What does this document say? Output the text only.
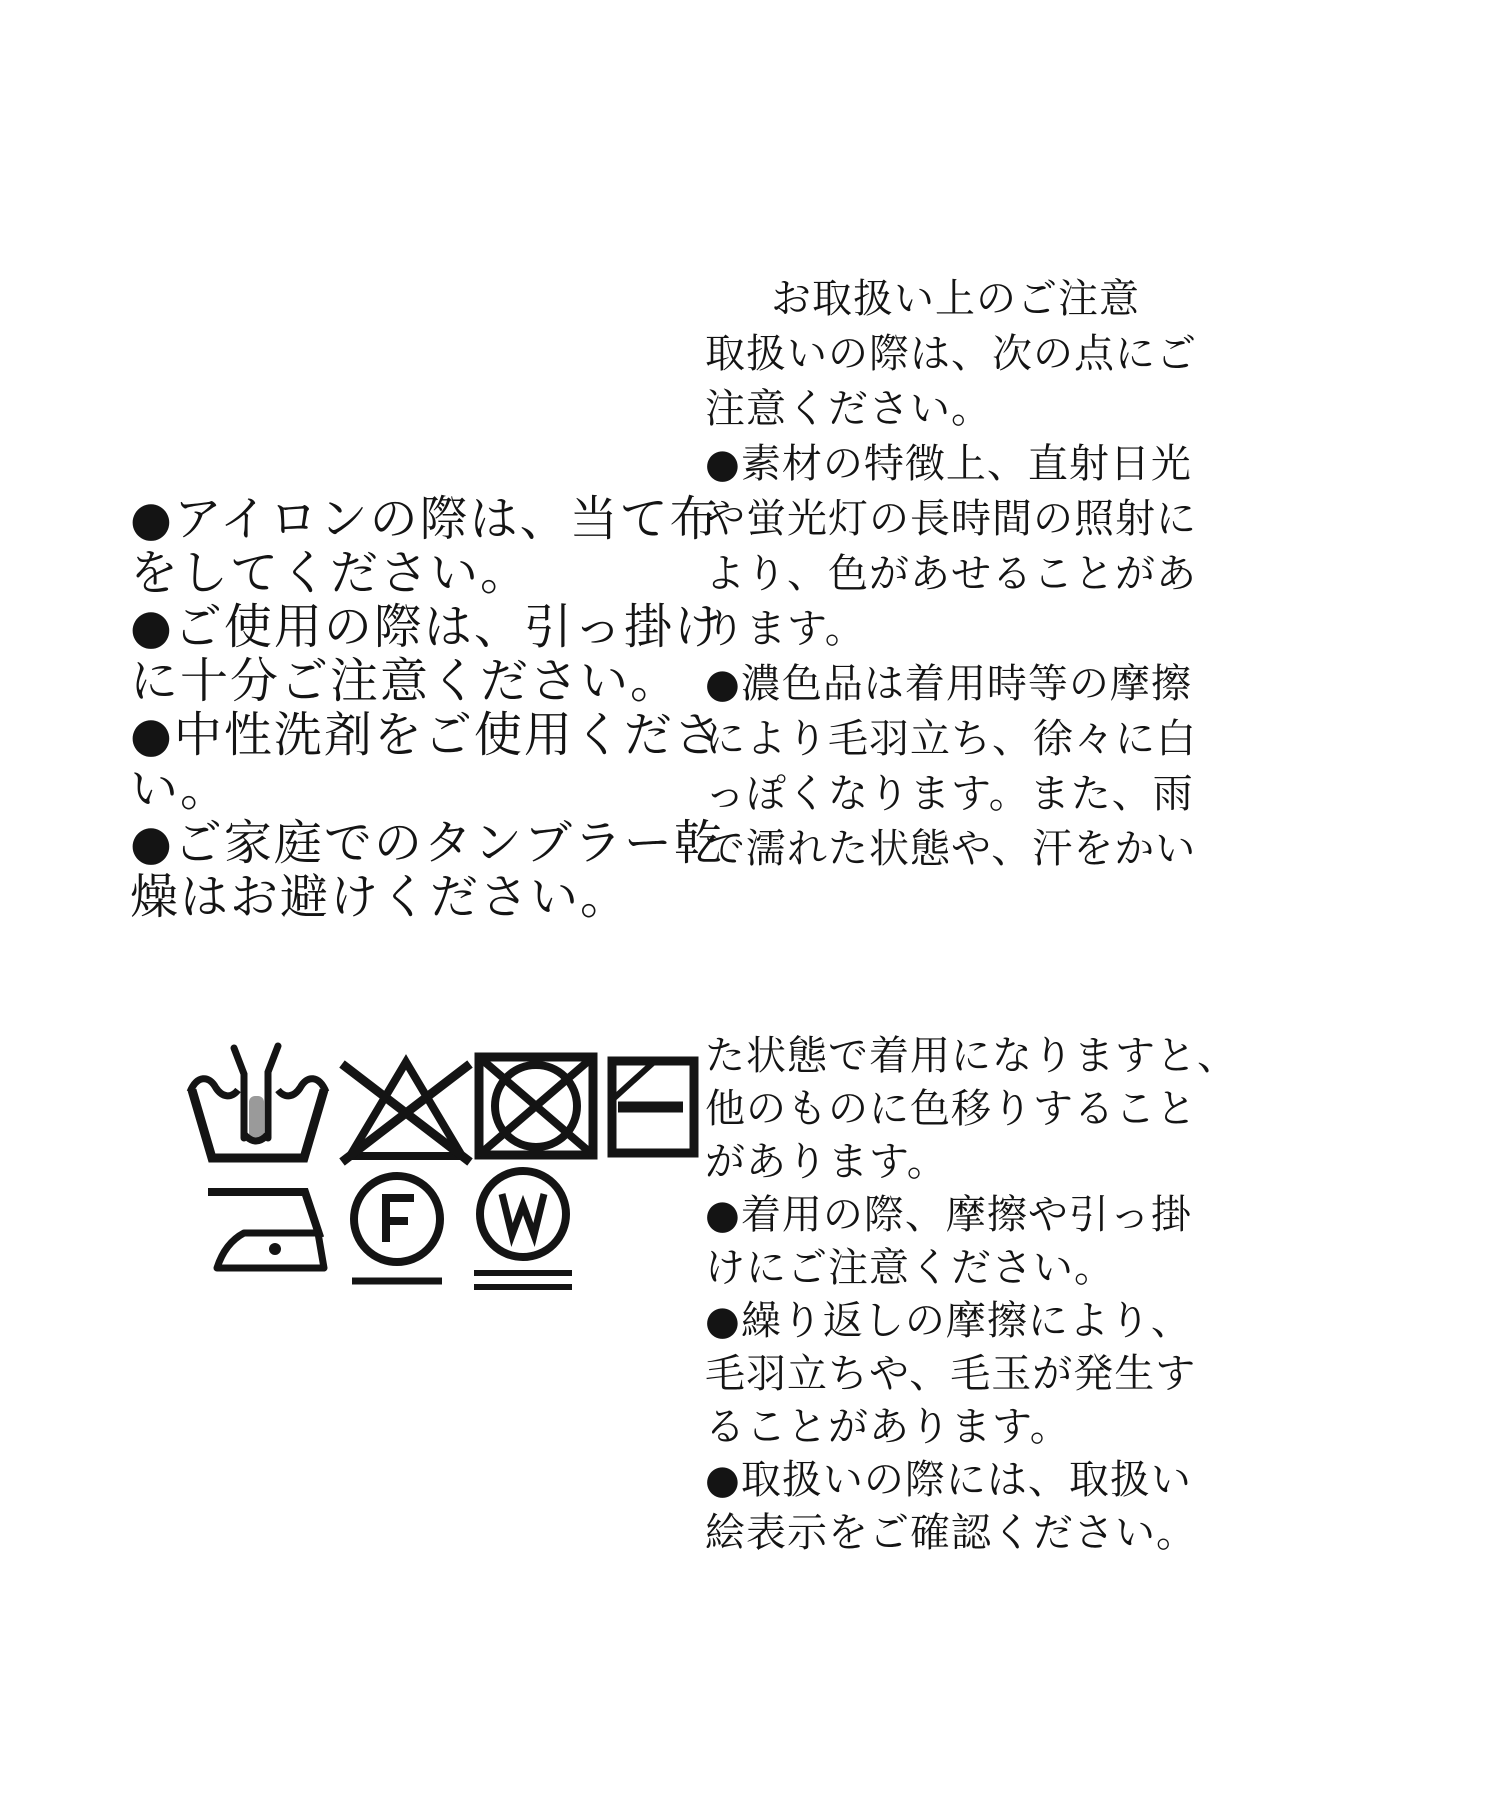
●アイロンの際は、当て布
をしてください。
●ご使用の際は、引っ掛け
に十分ご注意ください。
●中性洗剤をご使用くださ
い。
●ご家庭でのタンブラー乾
燥はお避けください。
お取扱い上のご注意
取扱いの際は、次の点にご
注意ください。
●素材の特徴上、直射日光
や蛍光灯の長時間の照射に
より、色があせることがあ
ります。
●濃色品は着用時等の摩擦
により毛羽立ち、徐々に白
っぽくなります。また、雨
で濡れた状態や、汗をかい
た状態で着用になりますと、
他のものに色移りすること
があります。
●着用の際、摩擦や引っ掛
けにご注意ください。
●繰り返しの摩擦により、
毛羽立ちや、毛玉が発生す
ることがあります。
●取扱いの際には、取扱い
絵表示をご確認ください。
